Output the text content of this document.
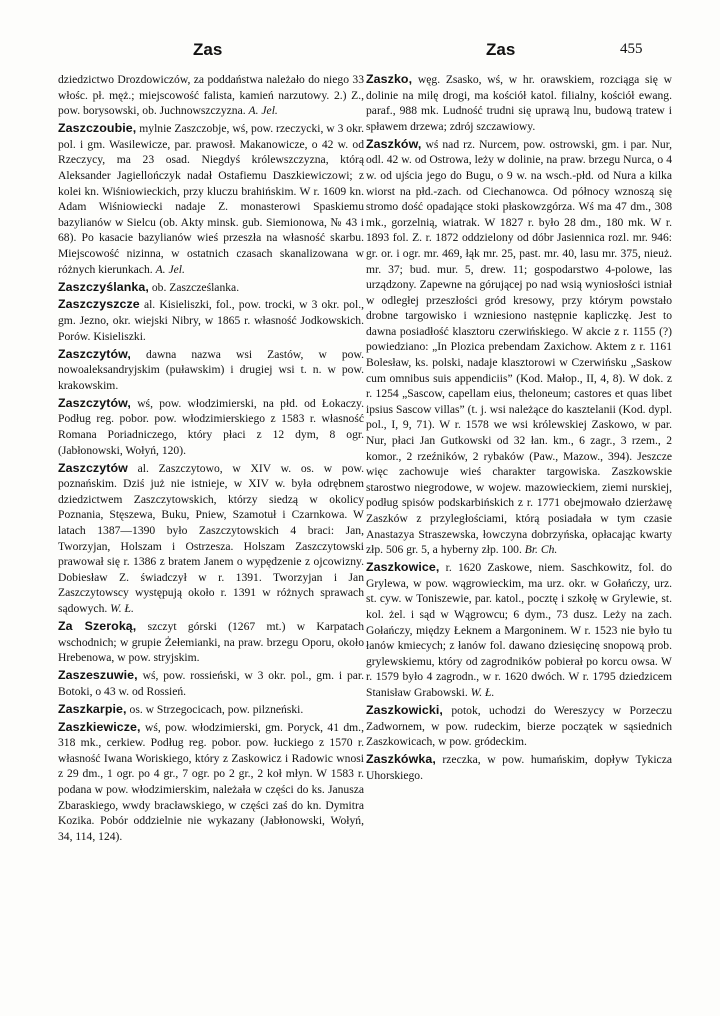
Zas	Zas	455

dziedzictwo Drozdowiczów, za poddaństwa należało do niego 33 włośc. pł. męż.; miejscowość falista, kamień narzutowy. 2.) Z., pow. borysowski, ob. Juchnowszczyzna. A. Jel.

Zaszczoubie, mylnie Zaszczobje, wś, pow. rzeczycki, w 3 okr. pol. i gm. Wasilewicze, par. prawosł. Makanowicze, o 42 w. od Rzeczycy, ma 23 osad. Niegdyś królewszczyzna, którą Aleksander Jagiellończyk nadał Ostafiemu Daszkiewiczowi; z kolei kn. Wiśniowieckich, przy kluczu brahińskim. W r. 1609 kn. Adam Wiśniowiecki nadaje Z. monasterowi Spaskiemu bazylianów w Sielcu (ob. Akty minsk. gub. Siemionowa, № 43 i 68). Po kasacie bazylianów wieś przeszła na własność skarbu. Miejscowość nizinna, w ostatnich czasach skanalizowana w różnych kierunkach. A. Jel.

Zaszczyślanka, ob. Zaszcześlanka.

Zaszczyszcze al. Kisieliszki, fol., pow. trocki, w 3 okr. pol., gm. Jezno, okr. wiejski Nibry, w 1865 r. własność Jodkowskich. Porów. Kisieliszki.

Zaszczytów, dawna nazwa wsi Zastów, w pow. nowoaleksandryjskim (puławskim) i drugiej wsi t. n. w pow. krakowskim.

Zaszczytów, wś, pow. włodzimierski, na płd. od Łokaczy. Podług reg. pobor. pow. włodzimierskiego z 1583 r. własność Romana Poriadniczego, który płaci z 12 dym, 8 ogr. (Jabłonowski, Wołyń, 120).

Zaszczytów al. Zaszczytowo, w XIV w. os. w pow. poznańskim. Dziś już nie istnieje, w XIV w. była odrębnem dziedzictwem Zaszczytowskich, którzy siedzą w okolicy Poznania, Stęszewa, Buku, Pniew, Szamotuł i Czarnkowa. W latach 1387—1390 było Zaszczytowskich 4 braci: Jan, Tworzyjan, Holszam i Ostrzesza. Holszam Zaszczytowski prawował się r. 1386 z bratem Janem o wypędzenie z ojcowizny. Dobiesław Z. świadczył w r. 1391. Tworzyjan i Jan Zaszczytowscy występują około r. 1391 w różnych sprawach sądowych. W. Ł.

Za Szeroką, szczyt górski (1267 mt.) w Karpatach wschodnich; w grupie Żełemianki, na praw. brzegu Oporu, około Hrebenowa, w pow. stryjskim.

Zaszeszuwie, wś, pow. rossieński, w 3 okr. pol., gm. i par. Botoki, o 43 w. od Rossień.

Zaszkarpie, os. w Strzegocicach, pow. pilzneński.

Zaszkiewicze, wś, pow. włodzimierski, gm. Poryck, 41 dm., 318 mk., cerkiew. Podług reg. pobor. pow. łuckiego z 1570 r. własność Iwana Woriskiego, który z Zaskowicz i Radowic wnosi z 29 dm., 1 ogr. po 4 gr., 7 ogr. po 2 gr., 2 koł młyn. W 1583 r. podana w pow. włodzimierskim, należała w części do ks. Janusza Zbaraskiego, wwdy bracławskiego, w części zaś do kn. Dymitra Kozika. Pobór oddzielnie nie wykazany (Jabłonowski, Wołyń, 34, 114, 124).

Zaszko, węg. Zsasko, wś, w hr. orawskiem, rozciąga się w dolinie na milę drogi, ma kościół katol. filialny, kościół ewang. paraf., 988 mk. Ludność trudni się uprawą lnu, budową tratew i spławem drzewa; zdrój szczawiowy.

Zaszków, wś nad rz. Nurcem, pow. ostrowski, gm. i par. Nur, odl. 42 w. od Ostrowa, leży w dolinie, na praw. brzegu Nurca, o 4 w. od ujścia jego do Bugu, o 9 w. na wsch.-płd. od Nura a kilka wiorst na płd.-zach. od Ciechanowca. Od północy wznoszą się stromo dość opadające stoki płaskowzgórza. Wś ma 47 dm., 308 mk., gorzelnią, wiatrak. W 1827 r. było 28 dm., 180 mk. W r. 1893 fol. Z. r. 1872 oddzielony od dóbr Jasiennica rozl. mr. 946: gr. or. i ogr. mr. 469, łąk mr. 25, past. mr. 40, lasu mr. 375, nieuż. mr. 37; bud. mur. 5, drew. 11; gospodarstwo 4-polowe, las urządzony. Zapewne na górującej po nad wsią wyniosłości istniał w odległej przeszłości gród kresowy, przy którym powstało drobne targowisko i wzniesiono następnie kapliczkę. Jest to dawna posiadłość klasztoru czerwińskiego. W akcie z r. 1155 (?) powiedziano: „In Plozica prebendam Zaxichow. Aktem z r. 1161 Bolesław, ks. polski, nadaje klasztorowi w Czerwińsku „Saskow cum omnibus suis appendiciis” (Kod. Małop., II, 4, 8). W dok. z r. 1254 „Sascow, capellam eius, theloneum; castores et quas libet ipsius Sascow villas” (t. j. wsi należące do kasztelanii (Kod. dypl. pol., I, 9, 71). W r. 1578 we wsi królewskiej Zaskowo, w par. Nur, płaci Jan Gutkowski od 32 łan. km., 6 zagr., 3 rzem., 2 komor., 2 rzeźników, 2 rybaków (Paw., Mazow., 394). Jeszcze więc zachowuje wieś charakter targowiska. Zaszkowskie starostwo niegrodowe, w wojew. mazowieckiem, ziemi nurskiej, podług spisów podskarbińskich z r. 1771 obejmowało dzierżawę Zaszków z przyległościami, którą posiadała w tym czasie Anastazya Straszewska, łowczyna dobrzyńska, opłacając kwarty złp. 506 gr. 5, a hyberny złp. 100. Br. Ch.

Zaszkowice, r. 1620 Zaskowe, niem. Saschkowitz, fol. do Grylewa, w pow. wągrowieckim, ma urz. okr. w Gołańczy, urz. st. cyw. w Toniszewie, par. katol., pocztę i szkołę w Grylewie, st. kol. żel. i sąd w Wągrowcu; 6 dym., 73 dusz. Leży na zach. Gołańczy, między Łeknem a Margoninem. W r. 1523 nie było tu łanów kmiecych; z łanów fol. dawano dziesięcinę snopową prob. grylewskiemu, który od zagrodników pobierał po korcu owsa. W r. 1579 było 4 zagrodn., w r. 1620 dwóch. W r. 1795 dziedzicem Stanisław Grabowski. W. Ł.

Zaszkowicki, potok, uchodzi do Wereszycy w Porzeczu Zadwornem, w pow. rudeckim, bierze początek w sąsiednich Zaszkowicach, w pow. gródeckim.

Zaszkówka, rzeczka, w pow. humańskim, dopływ Tykicza Uhorskiego.
